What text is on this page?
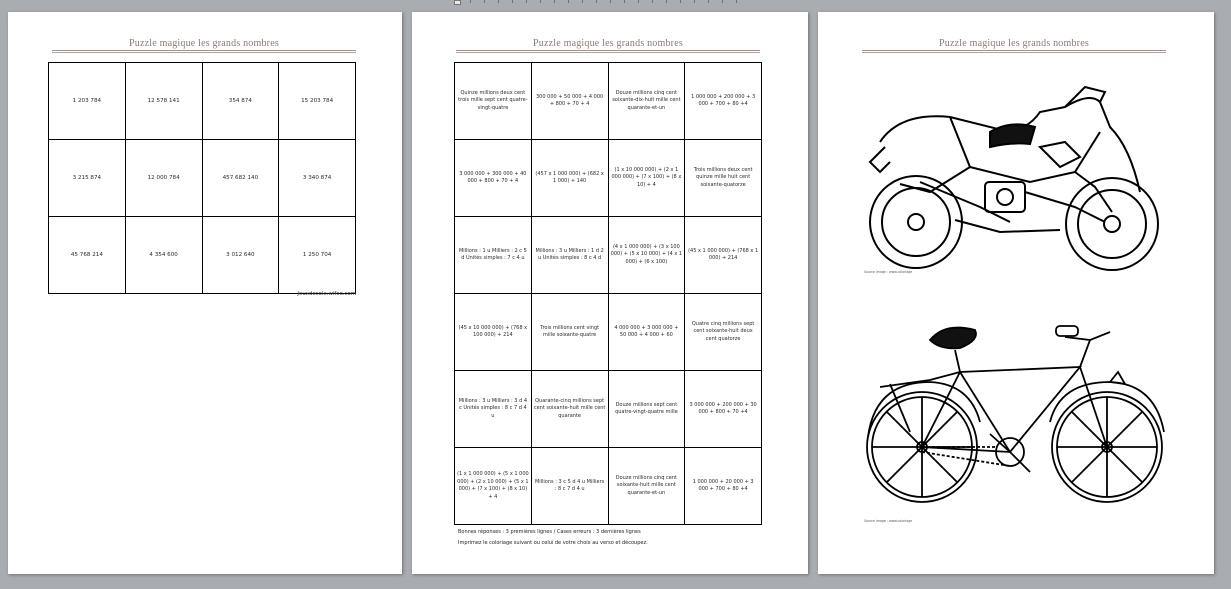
Puzzle magique les grands nombres
1 203 784	12 578 141	354 874	15 203 784
3 215 874	12 000 784	457 682 140	3 340 874
45 768 214	4 354 600	3 012 640	1 250 704
Jeuxdecole.wifeo.com
Puzzle magique les grands nombres
Quinze millions deux cent trois mille sept cent quatre-vingt-quatre	300 000 + 50 000 + 4 000 + 800 + 70 + 4	Douze millions cinq cent soixante-dix-huit mille cent quarante-et-un	1 000 000 + 200 000 + 3 000 + 700 + 80 +4
3 000 000 + 300 000 + 40 000 + 800 + 70 + 4	(457 x 1 000 000) + (682 x 1 000) + 140	(1 x 10 000 000) + (2 x 1 000 000) + (7 x 100) + (8 x 10) + 4	Trois millions deux cent quinze mille huit cent soixante-quatorze
Millions : 1 u Milliers : 2 c 5 d Unités simples : 7 c 4 u	Millions : 3 u Milliers : 1 d 2 u Unités simples : 8 c 4 d	(4 x 1 000 000) + (3 x 100 000) + (5 x 10 000) + (4 x 1 000) + (6 x 100)	(45 x 1 000 000) + (768 x 1 000) + 214
(45 x 10 000 000) + (768 x 100 000) + 214	Trois millions cent vingt mille soixante-quatre	4 000 000 + 3 000 000 + 50 000 + 4 000 + 60	Quatre cinq millions sept cent soixante-huit deux cent quatorze
Millions : 3 u Milliers : 3 d 4 c Unités simples : 8 c 7 d 4 u	Quarante-cinq millions sept cent soixante-huit mille cent quarante	Douze millions sept cent quatre-vingt-quatre mille	3 000 000 + 200 000 + 30 000 + 800 + 70 +4
(1 x 1 000 000) + (5 x 1 000 000) + (2 x 10 000) + (5 x 1 000) + (7 x 100) + (8 x 10) + 4	Millions : 3 c 5 d 4 u Milliers : 8 c 7 d 4 u	Douze millions cinq cent soixante-huit mille cent quarante-et-un	1 000 000 + 20 000 + 3 000 + 700 + 80 +4
Bonnes réponses : 3 premières lignes / Cases erreurs : 3 dernières lignes
Imprimez le coloriage suivant ou celui de votre choix au verso et découpez.
Puzzle magique les grands nombres
Source image : www.coloriage
Source image : www.coloriage
